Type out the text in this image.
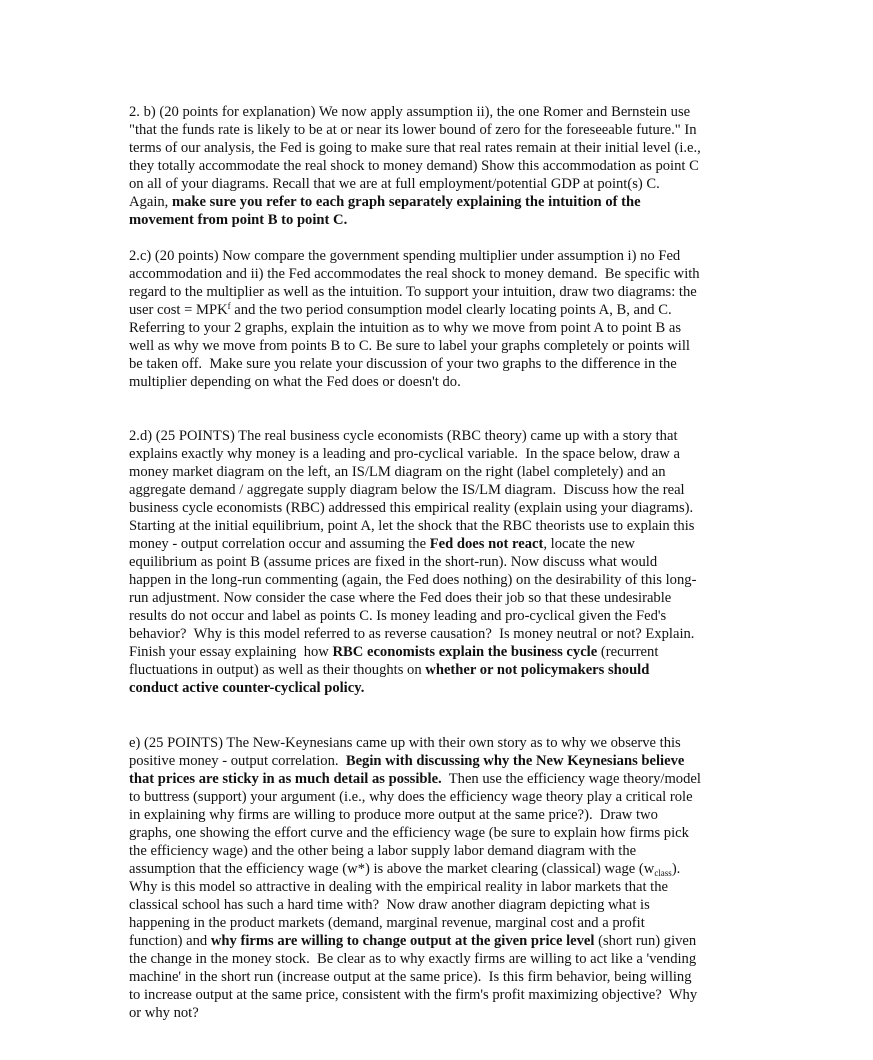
2. b) (20 points for explanation) We now apply assumption ii), the one Romer and Bernstein use
"that the funds rate is likely to be at or near its lower bound of zero for the foreseeable future." In
terms of our analysis, the Fed is going to make sure that real rates remain at their initial level (i.e.,
they totally accommodate the real shock to money demand) Show this accommodation as point C
on all of your diagrams. Recall that we are at full employment/potential GDP at point(s) C.
Again, make sure you refer to each graph separately explaining the intuition of the
movement from point B to point C.
2.c) (20 points) Now compare the government spending multiplier under assumption i) no Fed
accommodation and ii) the Fed accommodates the real shock to money demand.  Be specific with
regard to the multiplier as well as the intuition. To support your intuition, draw two diagrams: the
user $\cos t = MPK^f$ and the two period consumption model clearly locating points A, B, and C.
Referring to your 2 graphs, explain the intuition as to why we move from point A to point B as
well as why we move from points B to C. Be sure to label your graphs completely or points will
be taken off.  Make sure you relate your discussion of your two graphs to the difference in the
multiplier depending on what the Fed does or doesn't do.
2.d) (25 POINTS) The real business cycle economists (RBC theory) came up with a story that
explains exactly why money is a leading and pro-cyclical variable.  In the space below, draw a
money market diagram on the left, an IS/LM diagram on the right (label completely) and an
aggregate demand / aggregate supply diagram below the IS/LM diagram.  Discuss how the real
business cycle economists (RBC) addressed this empirical reality (explain using your diagrams).
Starting at the initial equilibrium, point A, let the shock that the RBC theorists use to explain this
money - output correlation occur and assuming the Fed does not react, locate the new
equilibrium as point B (assume prices are fixed in the short-run). Now discuss what would
happen in the long-run commenting (again, the Fed does nothing) on the desirability of this long-
run adjustment. Now consider the case where the Fed does their job so that these undesirable
results do not occur and label as points C. Is money leading and pro-cyclical given the Fed's
behavior?  Why is this model referred to as reverse causation?  Is money neutral or not? Explain.
Finish your essay explaining  how RBC economists explain the business cycle (recurrent
fluctuations in output) as well as their thoughts on whether or not policymakers should
conduct active counter-cyclical policy.
e) (25 POINTS) The New-Keynesians came up with their own story as to why we observe this
positive money - output correlation.  Begin with discussing why the New Keynesians believe
that prices are sticky in as much detail as possible.  Then use the efficiency wage theory/model
to buttress (support) your argument (i.e., why does the efficiency wage theory play a critical role
in explaining why firms are willing to produce more output at the same price?).  Draw two
graphs, one showing the effort curve and the efficiency wage (be sure to explain how firms pick
the efficiency wage) and the other being a labor supply labor demand diagram with the
assumption that the efficiency wage (w*) is above the market clearing (classical) wage $(w_{class})$.
Why is this model so attractive in dealing with the empirical reality in labor markets that the
classical school has such a hard time with?  Now draw another diagram depicting what is
happening in the product markets (demand, marginal revenue, marginal cost and a profit
function) and why firms are willing to change output at the given price level (short run) given
the change in the money stock.  Be clear as to why exactly firms are willing to act like a 'vending
machine' in the short run (increase output at the same price).  Is this firm behavior, being willing
to increase output at the same price, consistent with the firm's profit maximizing objective?  Why
or why not?
